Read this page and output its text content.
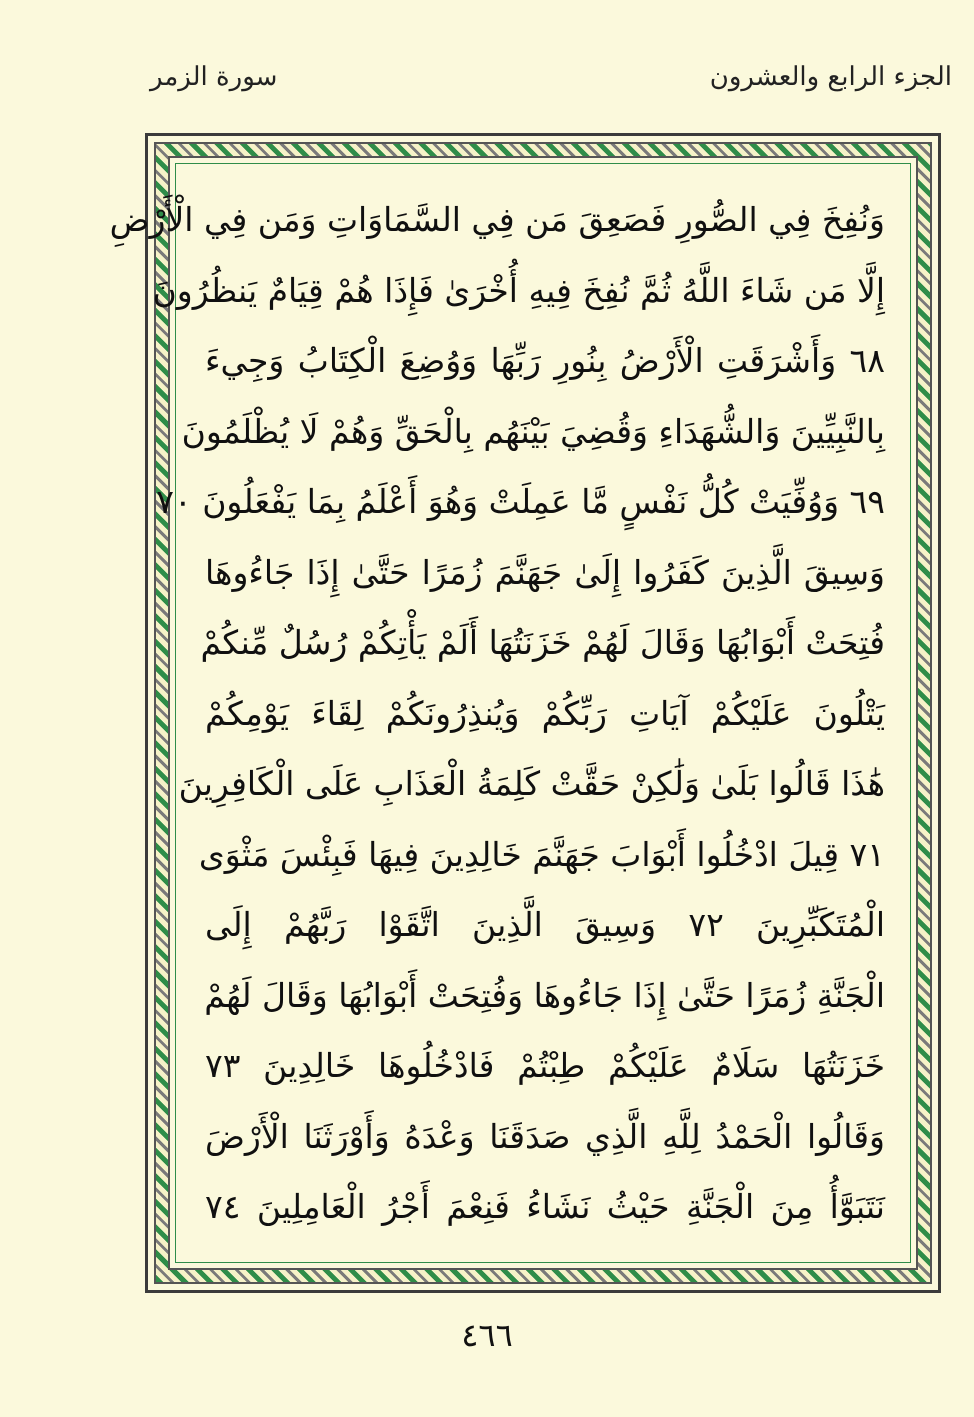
سورة الزمر	الجزء الرابع والعشرون
وَنُفِخَ فِي الصُّورِ فَصَعِقَ مَن فِي السَّمَاوَاتِ وَمَن فِي الْأَرْضِ
إِلَّا مَن شَاءَ اللَّهُ ثُمَّ نُفِخَ فِيهِ أُخْرَىٰ فَإِذَا هُمْ قِيَامٌ يَنظُرُونَ
٦٨ وَأَشْرَقَتِ الْأَرْضُ بِنُورِ رَبِّهَا وَوُضِعَ الْكِتَابُ وَجِيءَ
بِالنَّبِيِّينَ وَالشُّهَدَاءِ وَقُضِيَ بَيْنَهُم بِالْحَقِّ وَهُمْ لَا يُظْلَمُونَ
٦٩ وَوُفِّيَتْ كُلُّ نَفْسٍ مَّا عَمِلَتْ وَهُوَ أَعْلَمُ بِمَا يَفْعَلُونَ ٧٠
وَسِيقَ الَّذِينَ كَفَرُوا إِلَىٰ جَهَنَّمَ زُمَرًا حَتَّىٰ إِذَا جَاءُوهَا
فُتِحَتْ أَبْوَابُهَا وَقَالَ لَهُمْ خَزَنَتُهَا أَلَمْ يَأْتِكُمْ رُسُلٌ مِّنكُمْ
يَتْلُونَ عَلَيْكُمْ آيَاتِ رَبِّكُمْ وَيُنذِرُونَكُمْ لِقَاءَ يَوْمِكُمْ
هَٰذَا قَالُوا بَلَىٰ وَلَٰكِنْ حَقَّتْ كَلِمَةُ الْعَذَابِ عَلَى الْكَافِرِينَ
٧١ قِيلَ ادْخُلُوا أَبْوَابَ جَهَنَّمَ خَالِدِينَ فِيهَا فَبِئْسَ مَثْوَى
الْمُتَكَبِّرِينَ ٧٢ وَسِيقَ الَّذِينَ اتَّقَوْا رَبَّهُمْ إِلَى
الْجَنَّةِ زُمَرًا حَتَّىٰ إِذَا جَاءُوهَا وَفُتِحَتْ أَبْوَابُهَا وَقَالَ لَهُمْ
خَزَنَتُهَا سَلَامٌ عَلَيْكُمْ طِبْتُمْ فَادْخُلُوهَا خَالِدِينَ ٧٣
وَقَالُوا الْحَمْدُ لِلَّهِ الَّذِي صَدَقَنَا وَعْدَهُ وَأَوْرَثَنَا الْأَرْضَ
نَتَبَوَّأُ مِنَ الْجَنَّةِ حَيْثُ نَشَاءُ فَنِعْمَ أَجْرُ الْعَامِلِينَ ٧٤
٤٦٦
